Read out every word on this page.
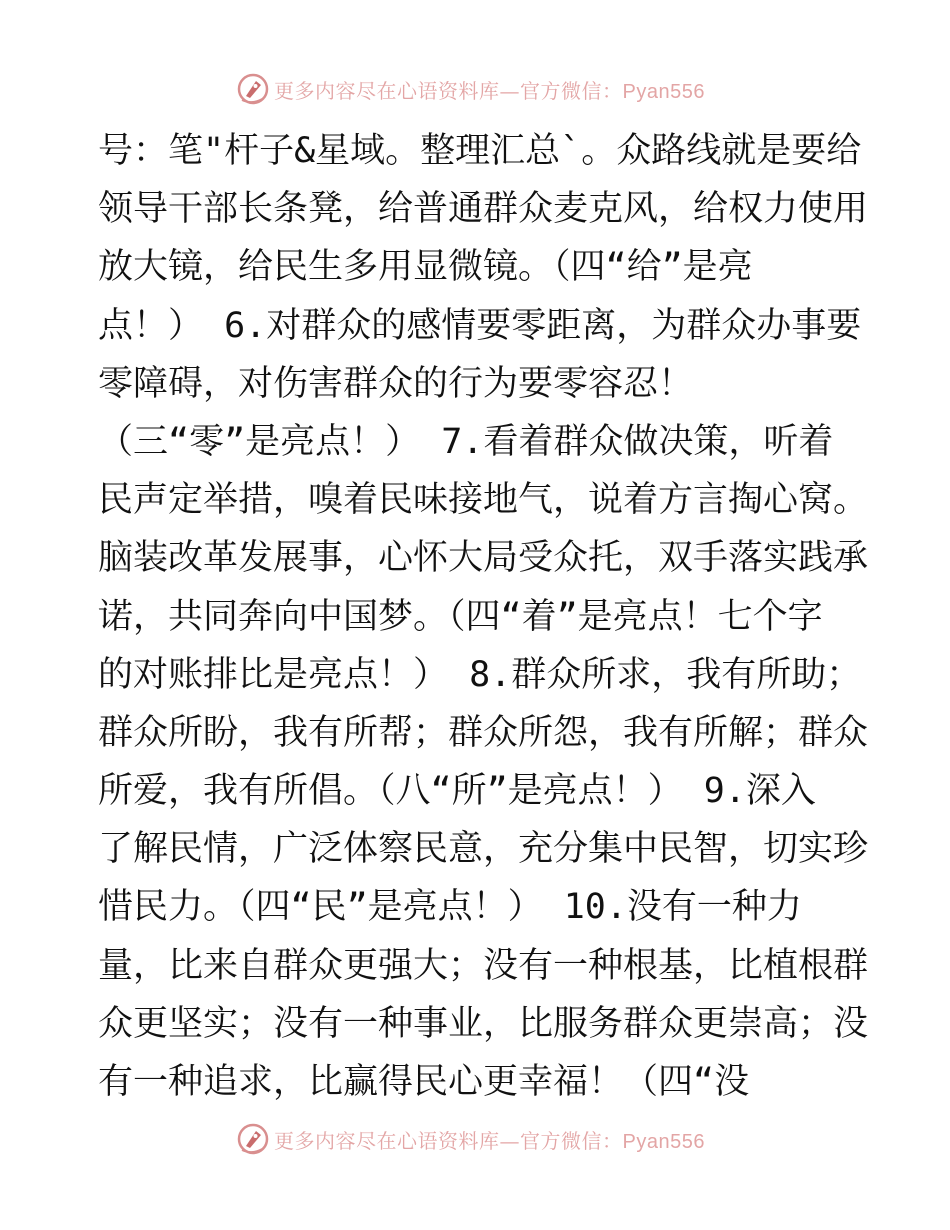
更多内容尽在心语资料库—官方微信：Pyan556
号：笔"杆子&星域。整理汇总`。众路线就是要给
领导干部长条凳，给普通群众麦克风，给权力使用
放大镜，给民生多用显微镜。（四“给”是亮
点！） 6.对群众的感情要零距离，为群众办事要
零障碍，对伤害群众的行为要零容忍！
（三“零”是亮点！） 7.看着群众做决策，听着
民声定举措，嗅着民味接地气，说着方言掏心窝。
脑装改革发展事，心怀大局受众托，双手落实践承
诺，共同奔向中国梦。（四“着”是亮点！七个字
的对账排比是亮点！） 8.群众所求，我有所助；
群众所盼，我有所帮；群众所怨，我有所解；群众
所爱，我有所倡。（八“所”是亮点！） 9.深入
了解民情，广泛体察民意，充分集中民智，切实珍
惜民力。（四“民”是亮点！） 10.没有一种力
量，比来自群众更强大；没有一种根基，比植根群
众更坚实；没有一种事业，比服务群众更崇高；没
有一种追求，比赢得民心更幸福！（四“没
更多内容尽在心语资料库—官方微信：Pyan556
